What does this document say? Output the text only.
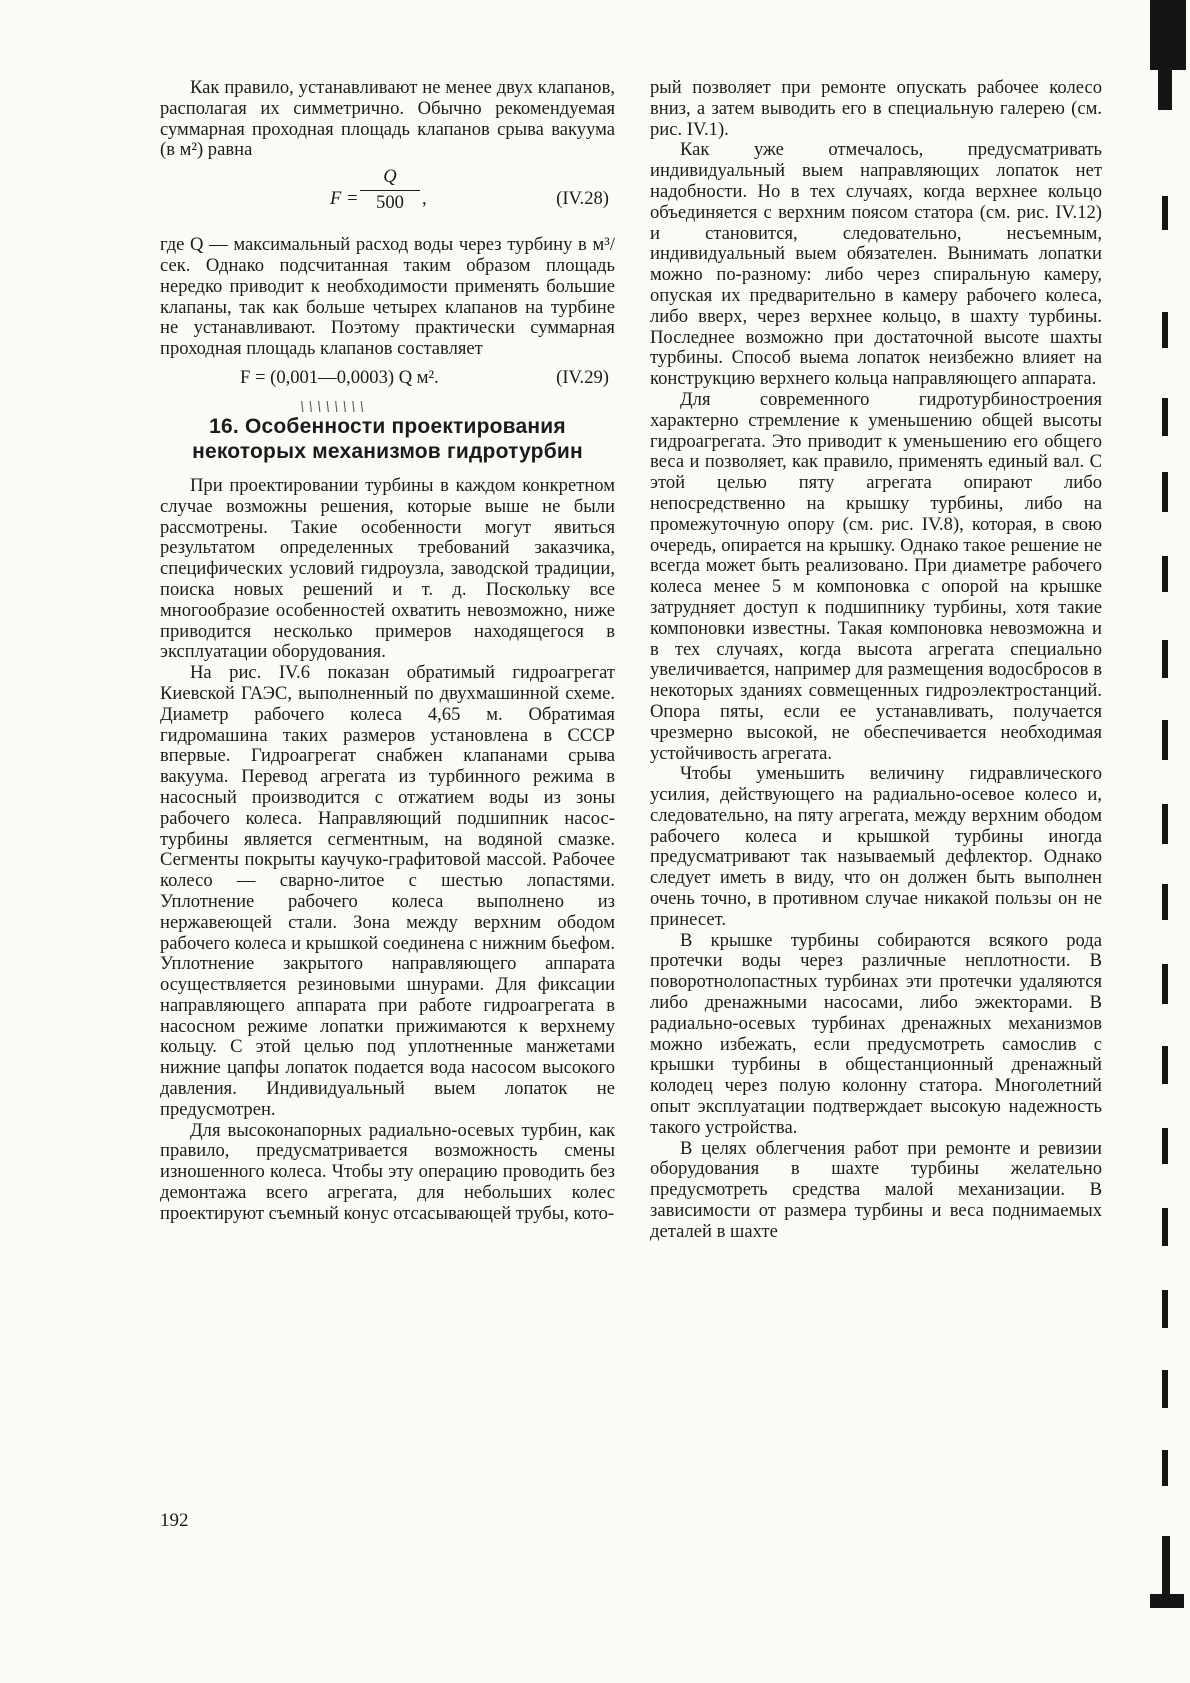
Как правило, устанавливают не менее двух клапанов, располагая их симметрично. Обычно рекомендуемая суммарная проходная площадь клапанов срыва вакуума (в м²) равна

$F = \frac{Q}{500}$ ,	(IV.28)

где Q — максимальный расход воды через турбину в м³/сек. Однако подсчитанная таким образом площадь нередко приводит к необходимости применять большие клапаны, так как больше четырех клапанов на турбине не устанавливают. Поэтому практически суммарная проходная площадь клапанов составляет

F = (0,001—0,0003) Q м².	(IV.29)
\ \ \ \ \ \ \ \
16. Особенности проектирования некоторых механизмов гидротурбин

При проектировании турбины в каждом конкретном случае возможны решения, которые выше не были рассмотрены. Такие особенности могут явиться результатом определенных требований заказчика, специфических условий гидроузла, заводской традиции, поиска новых решений и т. д. Поскольку все многообразие особенностей охватить невозможно, ниже приводится несколько примеров находящегося в эксплуатации оборудования.

На рис. IV.6 показан обратимый гидроагрегат Киевской ГАЭС, выполненный по двухмашинной схеме. Диаметр рабочего колеса 4,65 м. Обратимая гидромашина таких размеров установлена в СССР впервые. Гидроагрегат снабжен клапанами срыва вакуума. Перевод агрегата из турбинного режима в насосный производится с отжатием воды из зоны рабочего колеса. Направляющий подшипник насос-турбины является сегментным, на водяной смазке. Сегменты покрыты каучуко-графитовой массой. Рабочее колесо — сварно-литое с шестью лопастями. Уплотнение рабочего колеса выполнено из нержавеющей стали. Зона между верхним ободом рабочего колеса и крышкой соединена с нижним бьефом. Уплотнение закрытого направляющего аппарата осуществляется резиновыми шнурами. Для фиксации направляющего аппарата при работе гидроагрегата в насосном режиме лопатки прижимаются к верхнему кольцу. С этой целью под уплотненные манжетами нижние цапфы лопаток подается вода насосом высокого давления. Индивидуальный выем лопаток не предусмотрен.

Для высоконапорных радиально-осевых турбин, как правило, предусматривается возможность смены изношенного колеса. Чтобы эту операцию проводить без демонтажа всего агрегата, для небольших колес проектируют съемный конус отсасывающей трубы, кото-

рый позволяет при ремонте опускать рабочее колесо вниз, а затем выводить его в специальную галерею (см. рис. IV.1).

Как уже отмечалось, предусматривать индивидуальный выем направляющих лопаток нет надобности. Но в тех случаях, когда верхнее кольцо объединяется с верхним поясом статора (см. рис. IV.12) и становится, следовательно, несъемным, индивидуальный выем обязателен. Вынимать лопатки можно по-разному: либо через спиральную камеру, опуская их предварительно в камеру рабочего колеса, либо вверх, через верхнее кольцо, в шахту турбины. Последнее возможно при достаточной высоте шахты турбины. Способ выема лопаток неизбежно влияет на конструкцию верхнего кольца направляющего аппарата.

Для современного гидротурбиностроения характерно стремление к уменьшению общей высоты гидроагрегата. Это приводит к уменьшению его общего веса и позволяет, как правило, применять единый вал. С этой целью пяту агрегата опирают либо непосредственно на крышку турбины, либо на промежуточную опору (см. рис. IV.8), которая, в свою очередь, опирается на крышку. Однако такое решение не всегда может быть реализовано. При диаметре рабочего колеса менее 5 м компоновка с опорой на крышке затрудняет доступ к подшипнику турбины, хотя такие компоновки известны. Такая компоновка невозможна и в тех случаях, когда высота агрегата специально увеличивается, например для размещения водосбросов в некоторых зданиях совмещенных гидроэлектростанций. Опора пяты, если ее устанавливать, получается чрезмерно высокой, не обеспечивается необходимая устойчивость агрегата.

Чтобы уменьшить величину гидравлического усилия, действующего на радиально-осевое колесо и, следовательно, на пяту агрегата, между верхним ободом рабочего колеса и крышкой турбины иногда предусматривают так называемый дефлектор. Однако следует иметь в виду, что он должен быть выполнен очень точно, в противном случае никакой пользы он не принесет.

В крышке турбины собираются всякого рода протечки воды через различные неплотности. В поворотнолопастных турбинах эти протечки удаляются либо дренажными насосами, либо эжекторами. В радиально-осевых турбинах дренажных механизмов можно избежать, если предусмотреть самослив с крышки турбины в общестанционный дренажный колодец через полую колонну статора. Многолетний опыт эксплуатации подтверждает высокую надежность такого устройства.

В целях облегчения работ при ремонте и ревизии оборудования в шахте турбины желательно предусмотреть средства малой механизации. В зависимости от размера турбины и веса поднимаемых деталей в шахте

192
